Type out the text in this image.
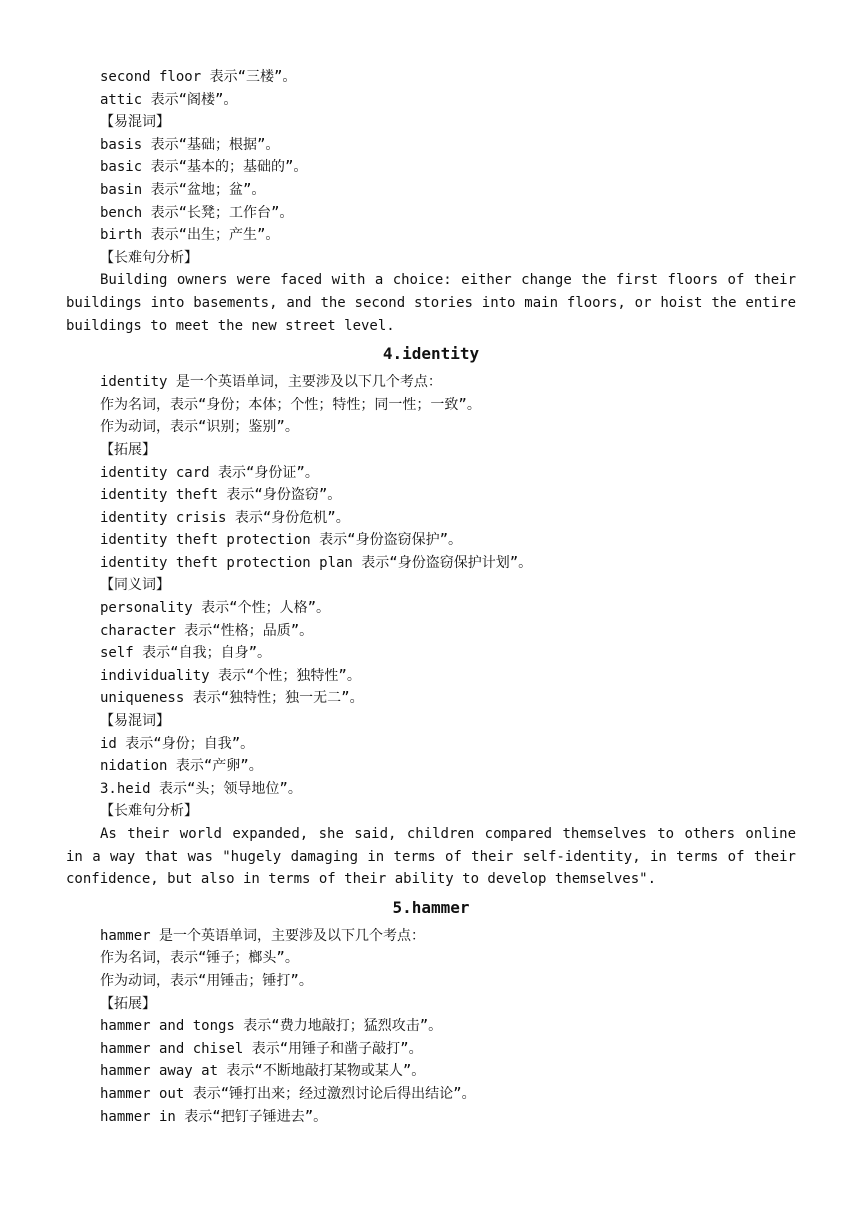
second floor 表示“三楼”。
attic 表示“阁楼”。
【易混词】
basis 表示“基础；根据”。
basic 表示“基本的；基础的”。
basin 表示“盆地；盆”。
bench 表示“长凳；工作台”。
birth 表示“出生；产生”。
【长难句分析】
Building owners were faced with a choice: either change the first floors of their buildings into basements, and the second stories into main floors, or hoist the entire buildings to meet the new street level.
4.identity
identity 是一个英语单词，主要涉及以下几个考点：
作为名词，表示“身份；本体；个性；特性；同一性；一致”。
作为动词，表示“识别；鉴别”。
【拓展】
identity card 表示“身份证”。
identity theft 表示“身份盗窃”。
identity crisis 表示“身份危机”。
identity theft protection 表示“身份盗窃保护”。
identity theft protection plan 表示“身份盗窃保护计划”。
【同义词】
personality 表示“个性；人格”。
character 表示“性格；品质”。
self 表示“自我；自身”。
individuality 表示“个性；独特性”。
uniqueness 表示“独特性；独一无二”。
【易混词】
id 表示“身份；自我”。
nidation 表示“产卵”。
3.heid 表示“头；领导地位”。
【长难句分析】
As their world expanded, she said, children compared themselves to others online in a way that was "hugely damaging in terms of their self-identity, in terms of their confidence, but also in terms of their ability to develop themselves".
5.hammer
hammer 是一个英语单词，主要涉及以下几个考点：
作为名词，表示“锤子；榔头”。
作为动词，表示“用锤击；锤打”。
【拓展】
hammer and tongs 表示“费力地敲打；猛烈攻击”。
hammer and chisel 表示“用锤子和凿子敲打”。
hammer away at 表示“不断地敲打某物或某人”。
hammer out 表示“锤打出来；经过激烈讨论后得出结论”。
hammer in 表示“把钉子锤进去”。
